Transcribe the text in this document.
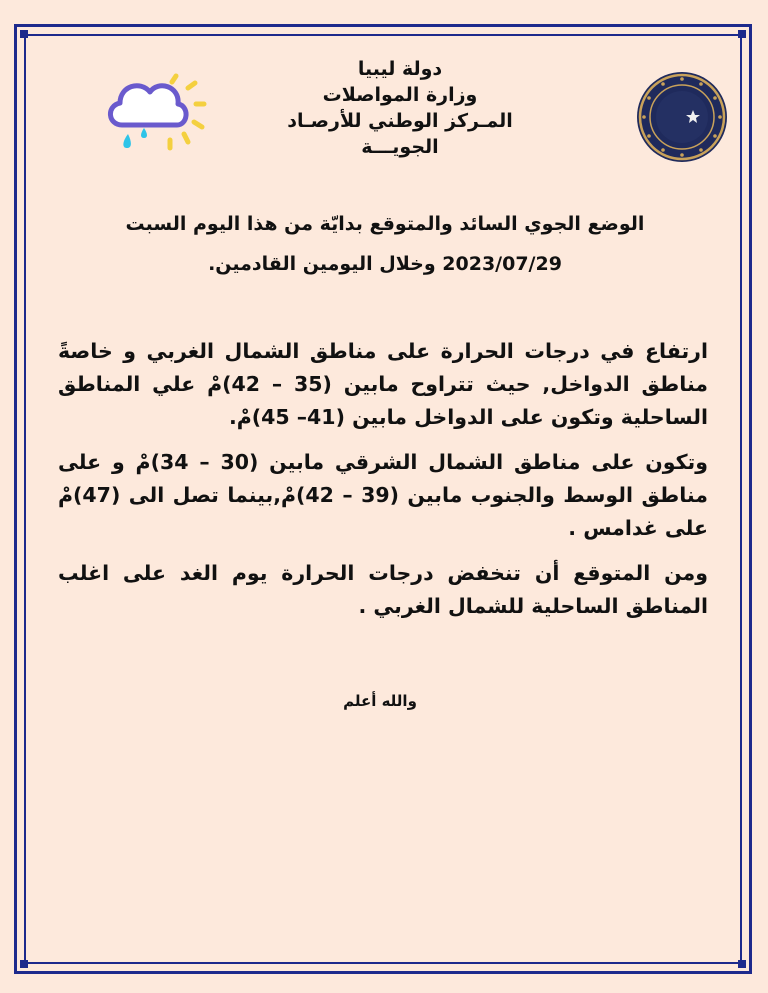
دولة ليبيا
وزارة المواصلات
المـركز الوطني للأرصـاد
الجويـــة
الوضع الجوي السائد والمتوقع بدايّة من هذا اليوم السبت
2023/07/29 وخلال اليومين القادمين.

ارتفاع في درجات الحرارة على مناطق الشمال الغربي و خاصةً مناطق الدواخل, حيث تتراوح مابين (35 – 42)مْ علي المناطق الساحلية وتكون على الدواخل مابين (41– 45)مْ.

وتكون على مناطق الشمال الشرقي مابين (30 – 34)مْ و على مناطق الوسط والجنوب مابين (39 – 42)مْ,بينما تصل الى (47)مْ على غدامس .

ومن المتوقع أن تنخفض درجات الحرارة يوم الغد على اغلب المناطق الساحلية للشمال الغربي .

والله أعلم
